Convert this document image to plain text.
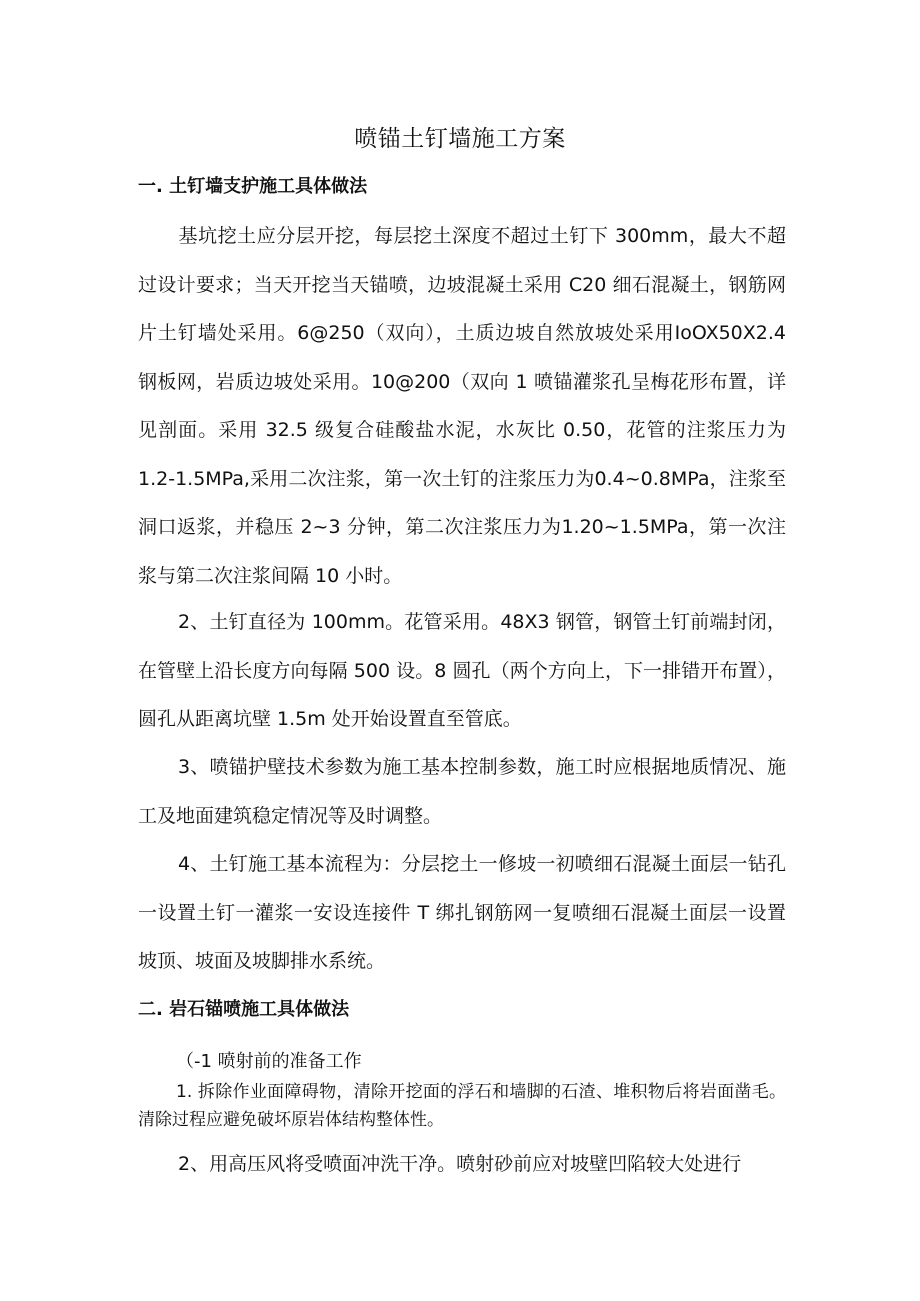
喷锚土钉墙施工方案
一. 土钉墙支护施工具体做法

基坑挖土应分层开挖，每层挖土深度不超过土钉下 300mm，最大不超过设计要求；当天开挖当天锚喷，边坡混凝土采用 C20 细石混凝土，钢筋网片土钉墙处采用。6@250（双向），土质边坡自然放坡处采用IoOX50X2.4 钢板网，岩质边坡处采用。10@200（双向 1 喷锚灌浆孔呈梅花形布置，详见剖面。采用 32.5 级复合硅酸盐水泥，水灰比 0.50，花管的注浆压力为 1.2-1.5MPa,采用二次注浆，第一次土钉的注浆压力为0.4~0.8MPa，注浆至洞口返浆，并稳压 2~3 分钟，第二次注浆压力为1.20~1.5MPa，第一次注浆与第二次注浆间隔 10 小时。

2、土钉直径为 100mm。花管采用。48X3 钢管，钢管土钉前端封闭，在管壁上沿长度方向每隔 500 设。8 圆孔（两个方向上，下一排错开布置），圆孔从距离坑壁 1.5m 处开始设置直至管底。

3、喷锚护壁技术参数为施工基本控制参数，施工时应根据地质情况、施工及地面建筑稳定情况等及时调整。

4、土钉施工基本流程为：分层挖土一修坡一初喷细石混凝土面层一钻孔一设置土钉一灌浆一安设连接件 T 绑扎钢筋网一复喷细石混凝土面层一设置坡顶、坡面及坡脚排水系统。

二. 岩石锚喷施工具体做法
（-1 喷射前的准备工作

1. 拆除作业面障碍物，清除开挖面的浮石和墙脚的石渣、堆积物后将岩面凿毛。清除过程应避免破坏原岩体结构整体性。

2、用高压风将受喷面冲洗干净。喷射砂前应对坡壁凹陷较大处进行
